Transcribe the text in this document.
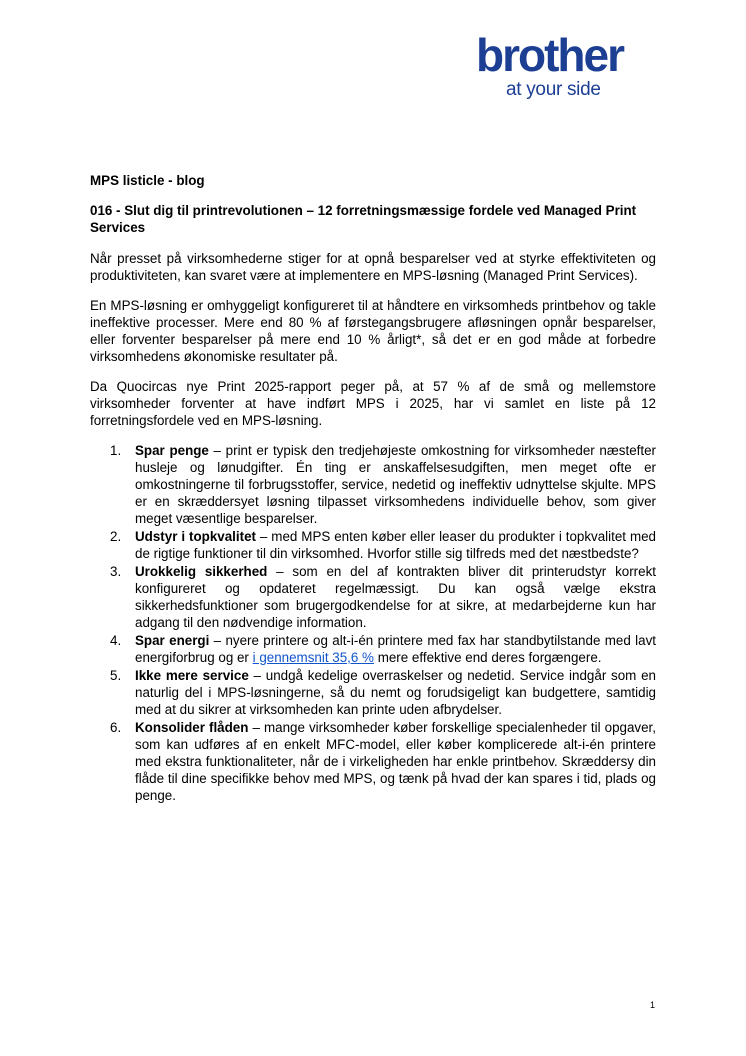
brother
at your side
MPS listicle - blog
016 - Slut dig til printrevolutionen – 12 forretningsmæssige fordele ved Managed Print Services

Når presset på virksomhederne stiger for at opnå besparelser ved at styrke effektiviteten og produktiviteten, kan svaret være at implementere en MPS-løsning (Managed Print Services).

En MPS-løsning er omhyggeligt konfigureret til at håndtere en virksomheds printbehov og takle ineffektive processer. Mere end 80 % af førstegangsbrugere afløsningen opnår besparelser, eller forventer besparelser på mere end 10 % årligt*, så det er en god måde at forbedre virksomhedens økonomiske resultater på.

Da Quocircas nye Print 2025-rapport peger på, at 57 % af de små og mellemstore virksomheder forventer at have indført MPS i 2025, har vi samlet en liste på 12 forretningsfordele ved en MPS-løsning.

1. Spar penge – print er typisk den tredjehøjeste omkostning for virksomheder næstefter husleje og lønudgifter. Én ting er anskaffelsesudgiften, men meget ofte er omkostningerne til forbrugsstoffer, service, nedetid og ineffektiv udnyttelse skjulte. MPS er en skræddersyet løsning tilpasset virksomhedens individuelle behov, som giver meget væsentlige besparelser.
2. Udstyr i topkvalitet – med MPS enten køber eller leaser du produkter i topkvalitet med de rigtige funktioner til din virksomhed. Hvorfor stille sig tilfreds med det næstbedste?
3. Urokkelig sikkerhed – som en del af kontrakten bliver dit printerudstyr korrekt konfigureret og opdateret regelmæssigt. Du kan også vælge ekstra sikkerhedsfunktioner som brugergodkendelse for at sikre, at medarbejderne kun har adgang til den nødvendige information.
4. Spar energi – nyere printere og alt-i-én printere med fax har standbytilstande med lavt energiforbrug og er i gennemsnit 35,6 % mere effektive end deres forgængere.
5. Ikke mere service – undgå kedelige overraskelser og nedetid. Service indgår som en naturlig del i MPS-løsningerne, så du nemt og forudsigeligt kan budgettere, samtidig med at du sikrer at virksomheden kan printe uden afbrydelser.
6. Konsolider flåden – mange virksomheder køber forskellige specialenheder til opgaver, som kan udføres af en enkelt MFC-model, eller køber komplicerede alt-i-én printere med ekstra funktionaliteter, når de i virkeligheden har enkle printbehov. Skræddersy din flåde til dine specifikke behov med MPS, og tænk på hvad der kan spares i tid, plads og penge.
1
